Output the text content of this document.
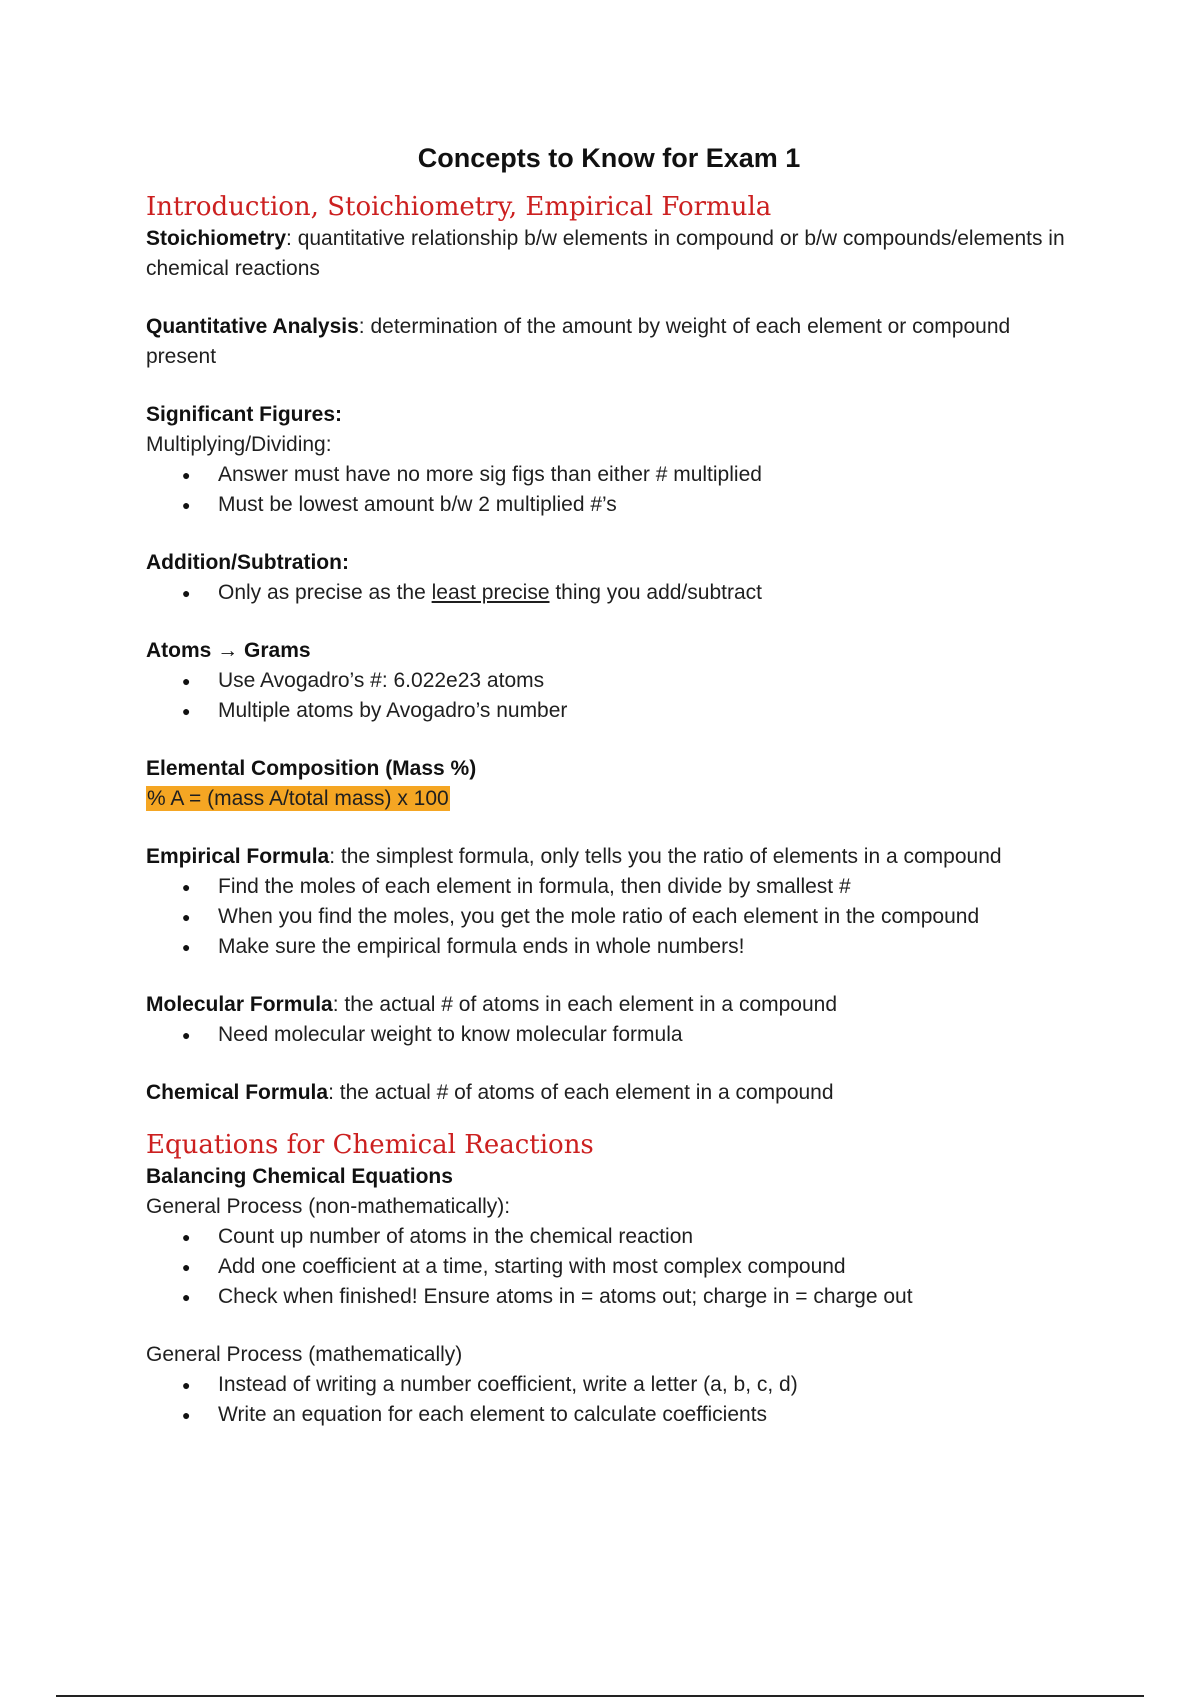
Concepts to Know for Exam 1
Introduction, Stoichiometry, Empirical Formula

Stoichiometry: quantitative relationship b/w elements in compound or b/w compounds/elements in chemical reactions

Quantitative Analysis: determination of the amount by weight of each element or compound present

Significant Figures:

Multiplying/Dividing:

● Answer must have no more sig figs than either # multiplied
● Must be lowest amount b/w 2 multiplied #’s

Addition/Subtration:

● Only as precise as the least precise thing you add/subtract

Atoms → Grams

● Use Avogadro’s #: 6.022e23 atoms
● Multiple atoms by Avogadro’s number

Elemental Composition (Mass %)

% A = (mass A/total mass) x 100

Empirical Formula: the simplest formula, only tells you the ratio of elements in a compound

● Find the moles of each element in formula, then divide by smallest #
● When you find the moles, you get the mole ratio of each element in the compound
● Make sure the empirical formula ends in whole numbers!

Molecular Formula: the actual # of atoms in each element in a compound

● Need molecular weight to know molecular formula

Chemical Formula: the actual # of atoms of each element in a compound

Equations for Chemical Reactions

Balancing Chemical Equations

General Process (non-mathematically):

● Count up number of atoms in the chemical reaction
● Add one coefficient at a time, starting with most complex compound
● Check when finished! Ensure atoms in = atoms out; charge in = charge out

General Process (mathematically)

● Instead of writing a number coefficient, write a letter (a, b, c, d)
● Write an equation for each element to calculate coefficients
